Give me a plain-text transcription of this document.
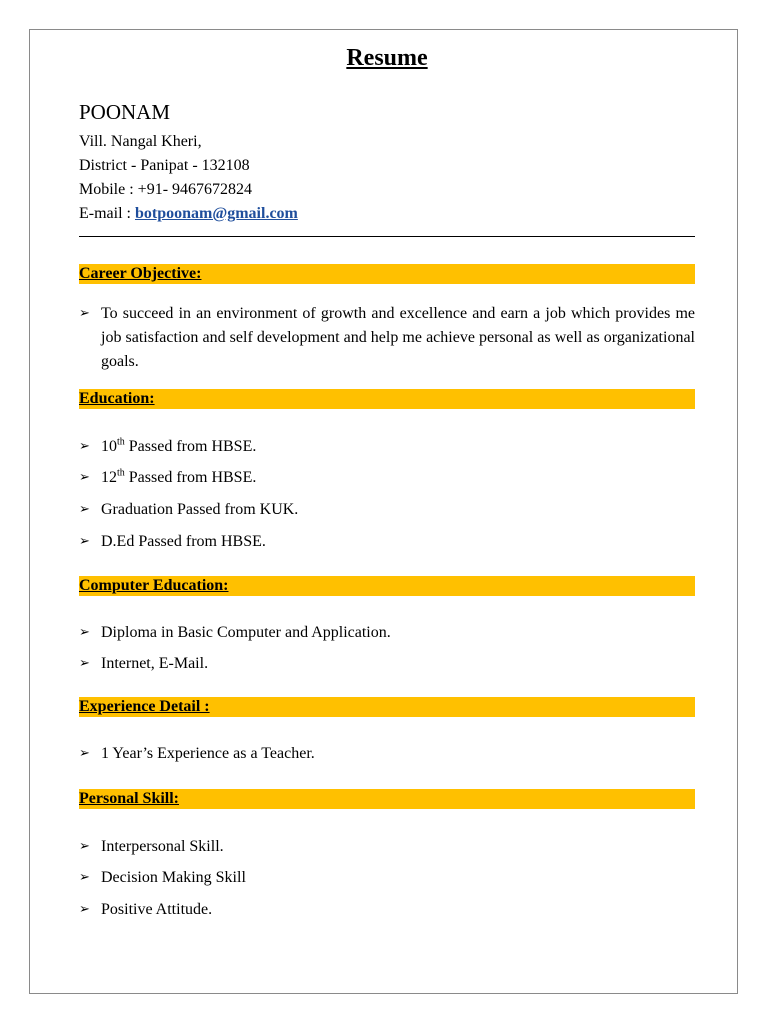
Resume
POONAM
Vill. Nangal Kheri,
District - Panipat - 132108
Mobile : +91- 9467672824
E-mail : botpoonam@gmail.com
Career Objective:
➢ To succeed in an environment of growth and excellence and earn a job which provides me job satisfaction and self development and help me achieve personal as well as organizational goals.
Education:
➢ 10th Passed from HBSE.
➢ 12th Passed from HBSE.
➢ Graduation Passed from KUK.
➢ D.Ed Passed from HBSE.
Computer Education:
➢ Diploma in Basic Computer and Application.
➢ Internet, E-Mail.
Experience Detail :
➢ 1 Year’s Experience as a Teacher.
Personal Skill:
➢ Interpersonal Skill.
➢ Decision Making Skill
➢ Positive Attitude.
